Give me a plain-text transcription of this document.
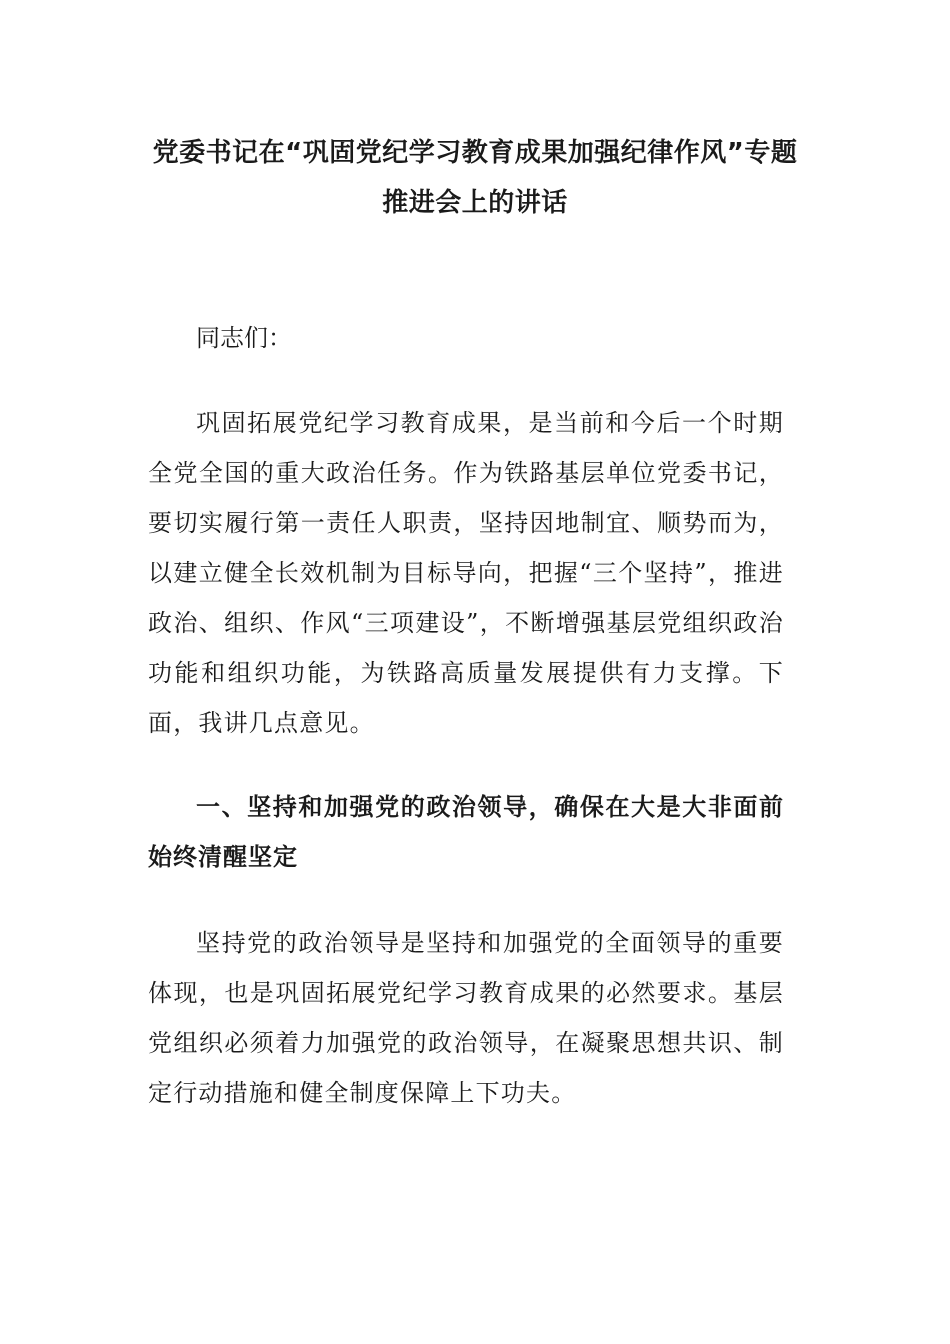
党委书记在“巩固党纪学习教育成果加强纪律作风”专题
推进会上的讲话
同志们：

巩固拓展党纪学习教育成果，是当前和今后一个时期全党全国的重大政治任务。作为铁路基层单位党委书记，要切实履行第一责任人职责，坚持因地制宜、顺势而为，以建立健全长效机制为目标导向，把握“三个坚持”，推进政治、组织、作风“三项建设”，不断增强基层党组织政治功能和组织功能，为铁路高质量发展提供有力支撑。下面，我讲几点意见。

一、坚持和加强党的政治领导，确保在大是大非面前始终清醒坚定

坚持党的政治领导是坚持和加强党的全面领导的重要体现，也是巩固拓展党纪学习教育成果的必然要求。基层党组织必须着力加强党的政治领导，在凝聚思想共识、制定行动措施和健全制度保障上下功夫。
